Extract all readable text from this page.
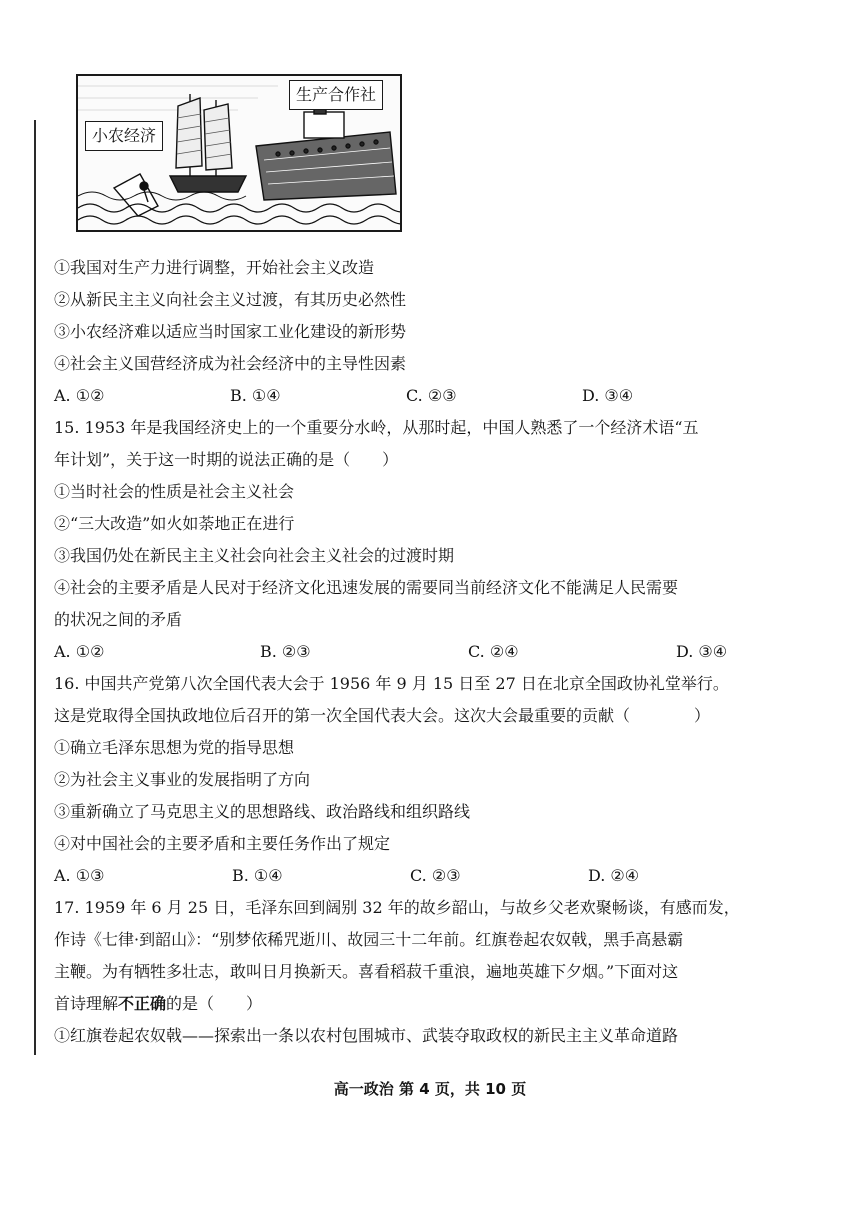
小农经济
生产合作社
①我国对生产力进行调整，开始社会主义改造
②从新民主主义向社会主义过渡，有其历史必然性
③小农经济难以适应当时国家工业化建设的新形势
④社会主义国营经济成为社会经济中的主导性因素
A. ①②	B. ①④	C. ②③	D. ③④
15. 1953 年是我国经济史上的一个重要分水岭，从那时起，中国人熟悉了一个经济术语“五
年计划”，关于这一时期的说法正确的是（　　）
①当时社会的性质是社会主义社会
②“三大改造”如火如荼地正在进行
③我国仍处在新民主主义社会向社会主义社会的过渡时期
④社会的主要矛盾是人民对于经济文化迅速发展的需要同当前经济文化不能满足人民需要
的状况之间的矛盾
A. ①②	B. ②③	C. ②④	D. ③④
16. 中国共产党第八次全国代表大会于 1956 年 9 月 15 日至 27 日在北京全国政协礼堂举行。
这是党取得全国执政地位后召开的第一次全国代表大会。这次大会最重要的贡献（　　　　）
①确立毛泽东思想为党的指导思想
②为社会主义事业的发展指明了方向
③重新确立了马克思主义的思想路线、政治路线和组织路线
④对中国社会的主要矛盾和主要任务作出了规定
A. ①③	B. ①④	C. ②③	D. ②④
17. 1959 年 6 月 25 日，毛泽东回到阔别 32 年的故乡韶山，与故乡父老欢聚畅谈，有感而发，
作诗《七律·到韶山》：“别梦依稀咒逝川、故园三十二年前。红旗卷起农奴戟，黑手高悬霸
主鞭。为有牺牲多壮志，敢叫日月换新天。喜看稻菽千重浪，遍地英雄下夕烟。”下面对这
首诗理解不正确的是（　　）
①红旗卷起农奴戟——探索出一条以农村包围城市、武装夺取政权的新民主主义革命道路
高一政治 第 4 页，共 10 页
